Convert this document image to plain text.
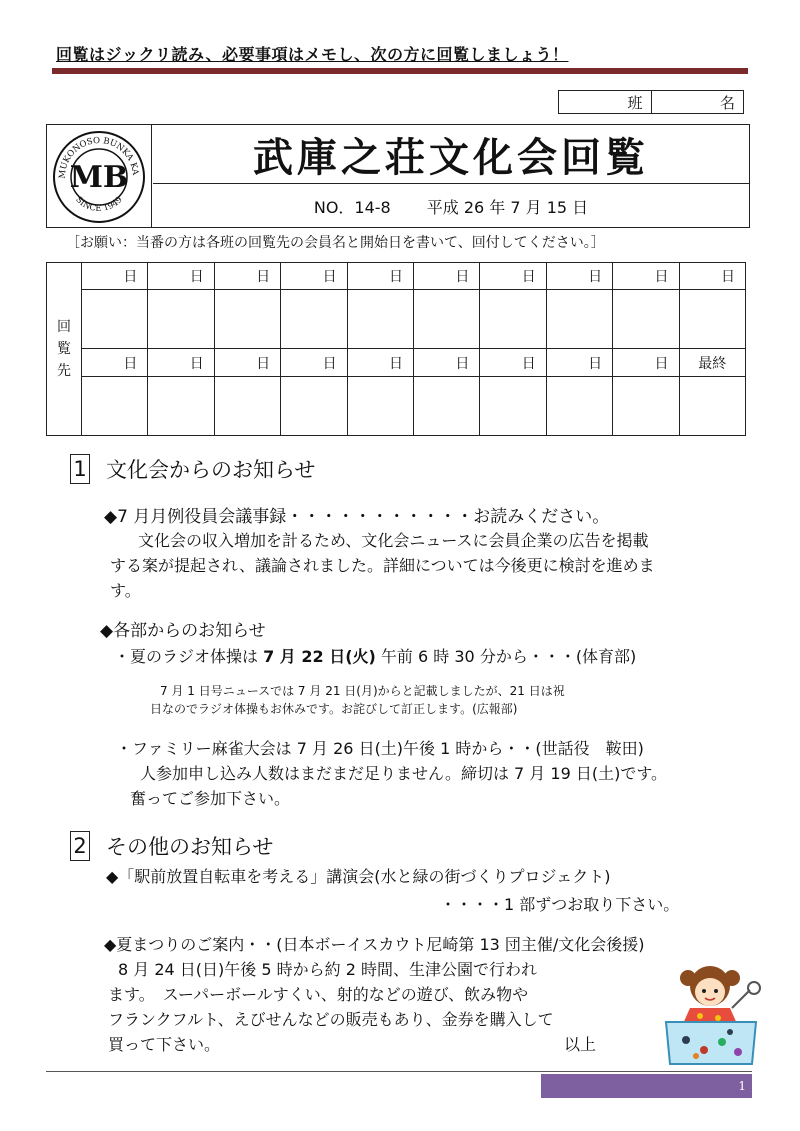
回覧はジックリ読み、必要事項はメモし、次の方に回覧しましょう！
班	名
MUKONOSO BUNKA KA
SINCE 1949
MB	武庫之荘文化会回覧
NO．14-8 平成 26 年 7 月 15 日
［お願い：当番の方は各班の回覧先の会員名と開始日を書いて、回付してください。］
回
覧
先	日	日	日	日	日	日	日	日	日	日

	日	日	日	日	日	日	日	日	日	最終

1 文化会からのお知らせ
◆7 月月例役員会議事録・・・・・・・・・・・お読みください。
文化会の収入増加を計るため、文化会ニュースに会員企業の広告を掲載
する案が提起され、議論されました。詳細については今後更に検討を進めま
す。
◆各部からのお知らせ
・夏のラジオ体操は 7 月 22 日(火) 午前 6 時 30 分から・・・(体育部)
7 月 1 日号ニュースでは 7 月 21 日(月)からと記載しましたが、21 日は祝
日なのでラジオ体操もお休みです。お詫びして訂正します。(広報部)
・ファミリー麻雀大会は 7 月 26 日(土)午後 1 時から・・(世話役　鞍田)
人参加申し込み人数はまだまだ足りません。締切は 7 月 19 日(土)です。
奮ってご参加下さい。
2 その他のお知らせ
◆「駅前放置自転車を考える」講演会(水と緑の街づくりプロジェクト)
・・・・1 部ずつお取り下さい。
◆夏まつりのご案内・・(日本ボーイスカウト尼崎第 13 団主催/文化会後援)
8 月 24 日(日)午後 5 時から約 2 時間、生津公園で行われ
ます。　スーパーボールすくい、射的などの遊び、飲み物や
フランクフルト、えびせんなどの販売もあり、金券を購入して
買って下さい。	以上
1
